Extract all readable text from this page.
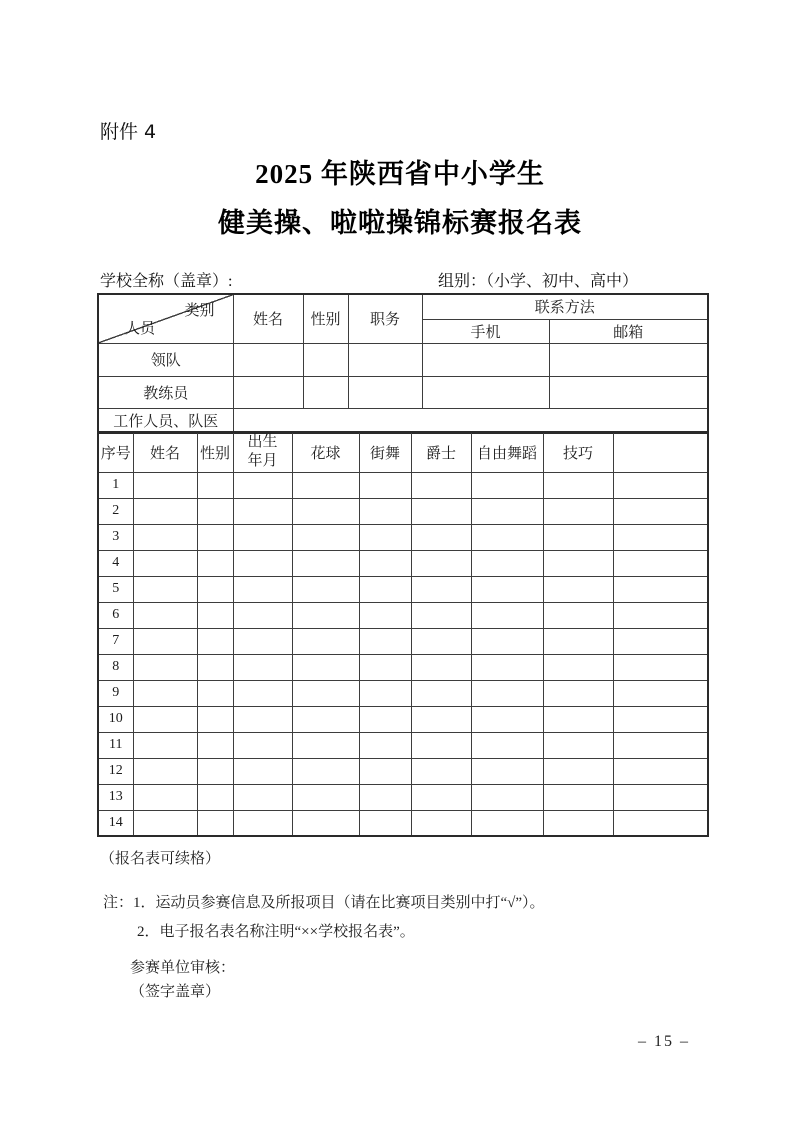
附件 4
2025 年陕西省中小学生
健美操、啦啦操锦标赛报名表
学校全称（盖章）:	组别：（小学、初中、高中）
类别
人员	姓名	性别	职务	联系方法	
				手机	邮箱
领队					
教练员					
工作人员、队医					
序号	姓名	性别	出生年月	花球	街舞	爵士	自由舞蹈	技巧	
1									
2									
3									
4									
5									
6									
7									
8									
9									
10									
11									
12									
13									
14									
（报名表可续格）
注：1．运动员参赛信息及所报项目（请在比赛项目类别中打“√”）。
2．电子报名表名称注明“××学校报名表”。
参赛单位审核：
（签字盖章）
– 15 –
